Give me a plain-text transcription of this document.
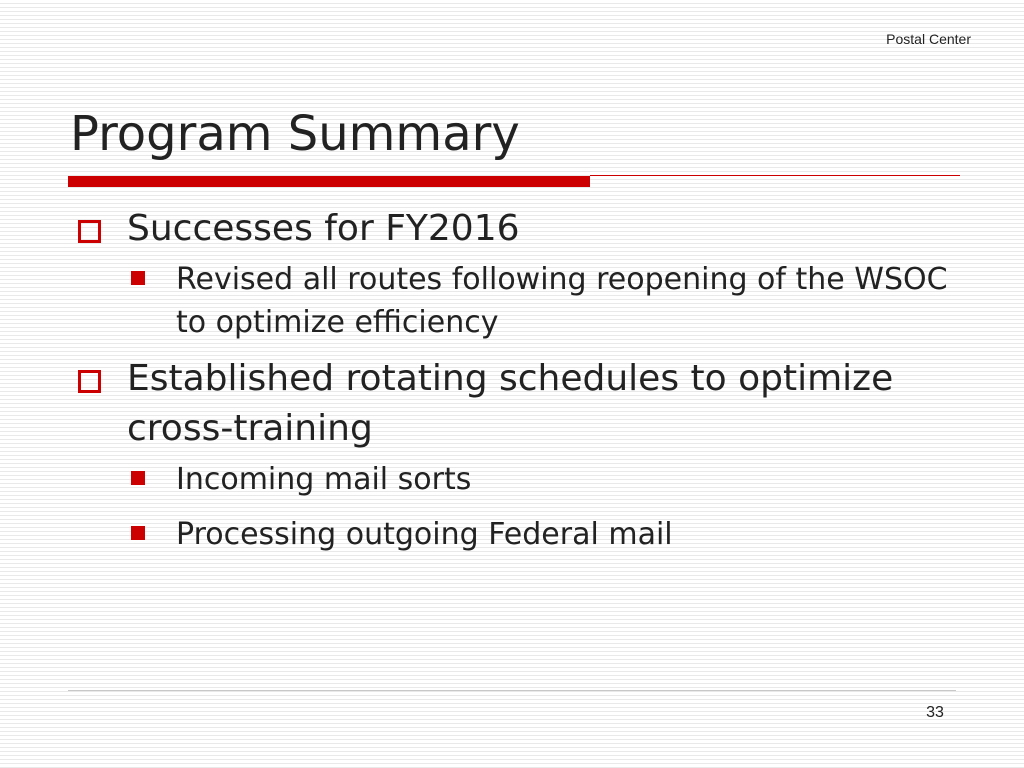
Postal Center
Program Summary
Successes for FY2016
Revised all routes following reopening of the WSOC to optimize efficiency
Established rotating schedules to optimize cross-training
Incoming mail sorts
Processing outgoing Federal mail
33
